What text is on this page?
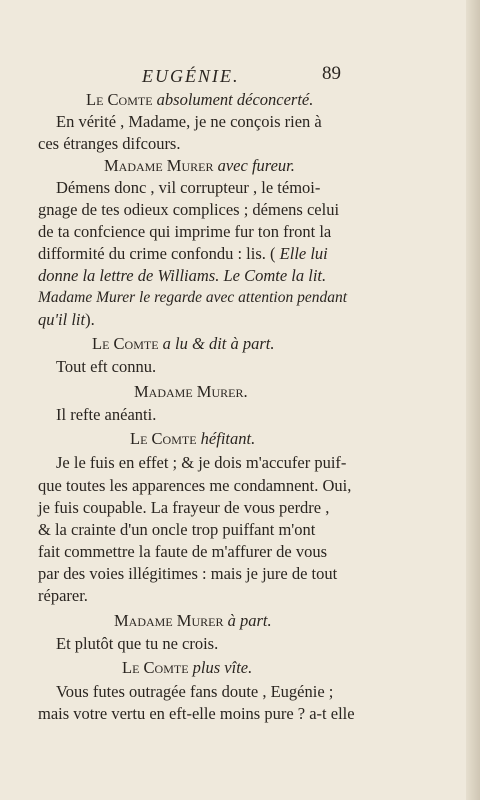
EUGÉNIE.	89
Le Comte absolument déconcerté.
En vérité , Madame, je ne conçois rien à
ces étranges difcours.
Madame Murer avec fureur.
Démens donc , vil corrupteur , le témoi-
gnage de tes odieux complices ; démens celui
de ta confcience qui imprime fur ton front la
difformité du crime confondu : lis. ( Elle lui
donne la lettre de Williams. Le Comte la lit.
Madame Murer le regarde avec attention pendant
qu'il lit).
Le Comte a lu & dit à part.
Tout eft connu.
Madame Murer.
Il refte anéanti.
Le Comte héfitant.
Je le fuis en effet ; & je dois m'accufer puif-
que toutes les apparences me condamnent. Oui,
je fuis coupable. La frayeur de vous perdre ,
& la crainte d'un oncle trop puiffant m'ont
fait commettre la faute de m'affurer de vous
par des voies illégitimes : mais je jure de tout
réparer.
Madame Murer à part.
Et plutôt que tu ne crois.
Le Comte plus vîte.
Vous futes outragée fans doute , Eugénie ;
mais votre vertu en eft-elle moins pure ? a-t elle
